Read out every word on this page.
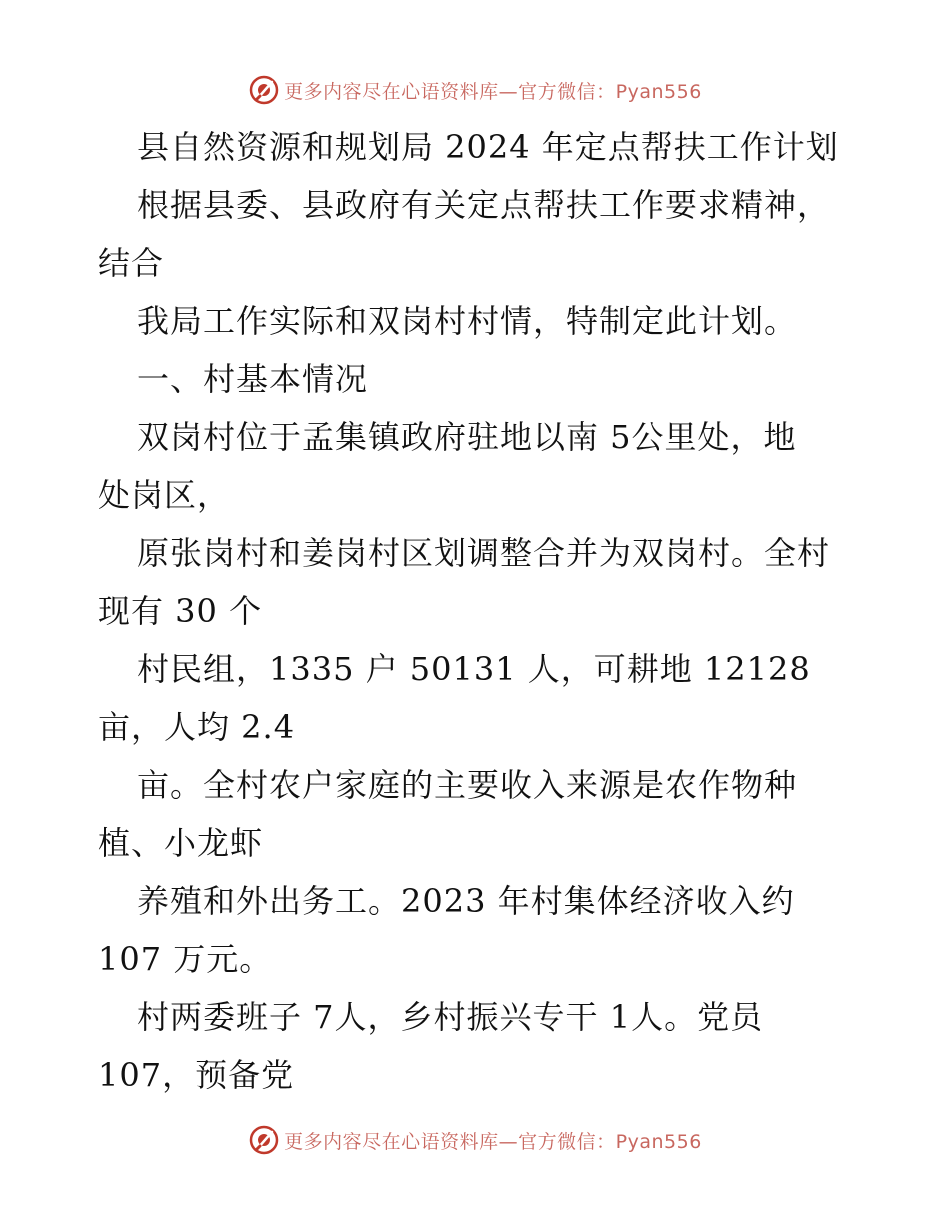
更多内容尽在心语资料库—官方微信：Pyan556
县自然资源和规划局 2024 年定点帮扶工作计划
根据县委、县政府有关定点帮扶工作要求精神，
结合
我局工作实际和双岗村村情，特制定此计划。
一、村基本情况
双岗村位于孟集镇政府驻地以南 5公里处，地
处岗区，
原张岗村和姜岗村区划调整合并为双岗村。全村
现有 30 个
村民组，1335 户 50131 人，可耕地 12128
亩，人均 2.4
亩。全村农户家庭的主要收入来源是农作物种
植、小龙虾
养殖和外出务工。2023 年村集体经济收入约
107 万元。
村两委班子 7人，乡村振兴专干 1人。党员
107，预备党
更多内容尽在心语资料库—官方微信：Pyan556
